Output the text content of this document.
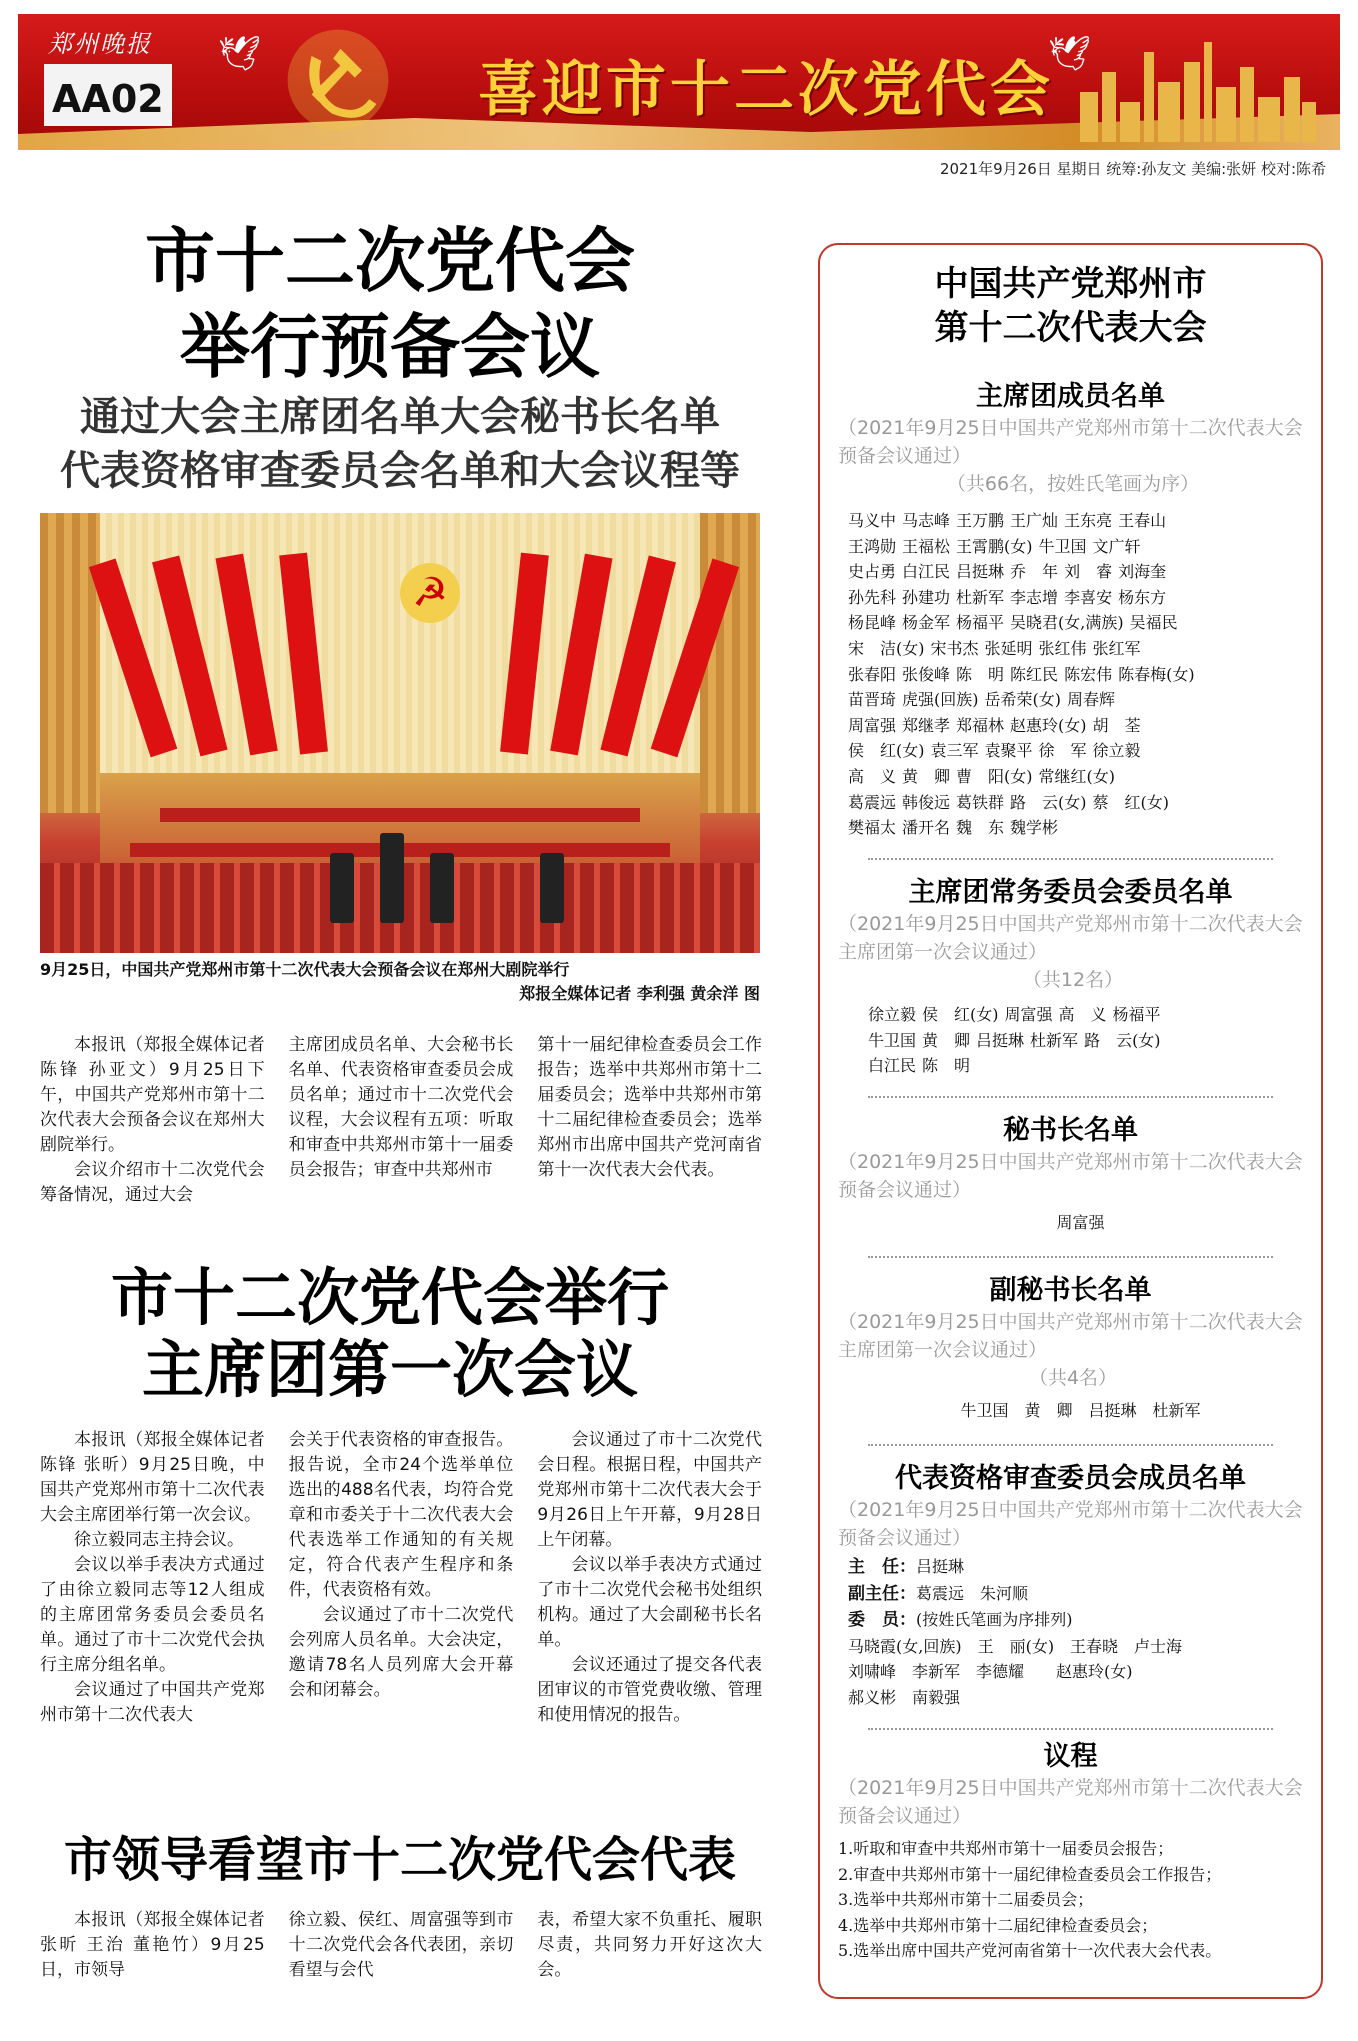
郑州晚报
AA02
🕊	🕊
喜迎市十二次党代会
2021年9月26日 星期日 统筹:孙友文 美编:张妍 校对:陈希
市十二次党代会
举行预备会议
通过大会主席团名单大会秘书长名单
代表资格审查委员会名单和大会议程等
☭
9月25日，中国共产党郑州市第十二次代表大会预备会议在郑州大剧院举行
郑报全媒体记者 李利强 黄余洋 图

本报讯（郑报全媒体记者 陈锋 孙亚文）9月25日下午，中国共产党郑州市第十二次代表大会预备会议在郑州大剧院举行。

会议介绍市十二次党代会筹备情况，通过大会

主席团成员名单、大会秘书长名单、代表资格审查委员会成员名单；通过市十二次党代会议程，大会议程有五项：听取和审查中共郑州市第十一届委员会报告；审查中共郑州市
第十一届纪律检查委员会工作报告；选举中共郑州市第十二届委员会；选举中共郑州市第十二届纪律检查委员会；选举郑州市出席中国共产党河南省第十一次代表大会代表。
市十二次党代会举行
主席团第一次会议

本报讯（郑报全媒体记者 陈锋 张昕）9月25日晚，中国共产党郑州市第十二次代表大会主席团举行第一次会议。

徐立毅同志主持会议。

会议以举手表决方式通过了由徐立毅同志等12人组成的主席团常务委员会委员名单。通过了市十二次党代会执行主席分组名单。

会议通过了中国共产党郑州市第十二次代表大

会关于代表资格的审查报告。报告说，全市24个选举单位选出的488名代表，均符合党章和市委关于十二次代表大会代表选举工作通知的有关规定，符合代表产生程序和条件，代表资格有效。

会议通过了市十二次党代会列席人员名单。大会决定，邀请78名人员列席大会开幕会和闭幕会。

会议通过了市十二次党代会日程。根据日程，中国共产党郑州市第十二次代表大会于9月26日上午开幕，9月28日上午闭幕。

会议以举手表决方式通过了市十二次党代会秘书处组织机构。通过了大会副秘书长名单。

会议还通过了提交各代表团审议的市管党费收缴、管理和使用情况的报告。

市领导看望市十二次党代会代表

本报讯（郑报全媒体记者 张昕 王治 董艳竹）9月25日，市领导

徐立毅、侯红、周富强等到市十二次党代会各代表团，亲切看望与会代
表，希望大家不负重托、履职尽责，共同努力开好这次大会。
中国共产党郑州市
第十二次代表大会
主席团成员名单
（2021年9月25日中国共产党郑州市第十二次代表大会预备会议通过）
（共66名，按姓氏笔画为序）
马义中 马志峰 王万鹏 王广灿 王东亮 王春山
王鸿勋 王福松 王霄鹏(女) 牛卫国 文广轩
史占勇 白江民 吕挺琳 乔　年 刘　睿 刘海奎
孙先科 孙建功 杜新军 李志增 李喜安 杨东方
杨昆峰 杨金军 杨福平 吴晓君(女,满族) 吴福民
宋　洁(女) 宋书杰 张延明 张红伟 张红军
张春阳 张俊峰 陈　明 陈红民 陈宏伟 陈春梅(女)
苗晋琦 虎强(回族) 岳希荣(女) 周春辉
周富强 郑继孝 郑福林 赵惠玲(女) 胡　荃
侯　红(女) 袁三军 袁聚平 徐　军 徐立毅
高　义 黄　卿 曹　阳(女) 常继红(女)
葛震远 韩俊远 葛铁群 路　云(女) 蔡　红(女)
樊福太 潘开名 魏　东 魏学彬
主席团常务委员会委员名单
（2021年9月25日中国共产党郑州市第十二次代表大会主席团第一次会议通过）
（共12名）
徐立毅 侯　红(女) 周富强 高　义 杨福平
牛卫国 黄　卿 吕挺琳 杜新军 路　云(女)
白江民 陈　明
秘书长名单
（2021年9月25日中国共产党郑州市第十二次代表大会预备会议通过）
周富强
副秘书长名单
（2021年9月25日中国共产党郑州市第十二次代表大会主席团第一次会议通过）
（共4名）
牛卫国　黄　卿　吕挺琳　杜新军
代表资格审查委员会成员名单
（2021年9月25日中国共产党郑州市第十二次代表大会预备会议通过）
主　任：吕挺琳
副主任：葛震远　朱河顺
委　员：(按姓氏笔画为序排列)
马晓霞(女,回族)　王　丽(女)　王春晓　卢士海
刘啸峰　李新军　李德耀　　赵惠玲(女)
郝义彬　南毅强
议程
（2021年9月25日中国共产党郑州市第十二次代表大会预备会议通过）
1.听取和审查中共郑州市第十一届委员会报告；
2.审查中共郑州市第十一届纪律检查委员会工作报告；
3.选举中共郑州市第十二届委员会；
4.选举中共郑州市第十二届纪律检查委员会；
5.选举出席中国共产党河南省第十一次代表大会代表。
